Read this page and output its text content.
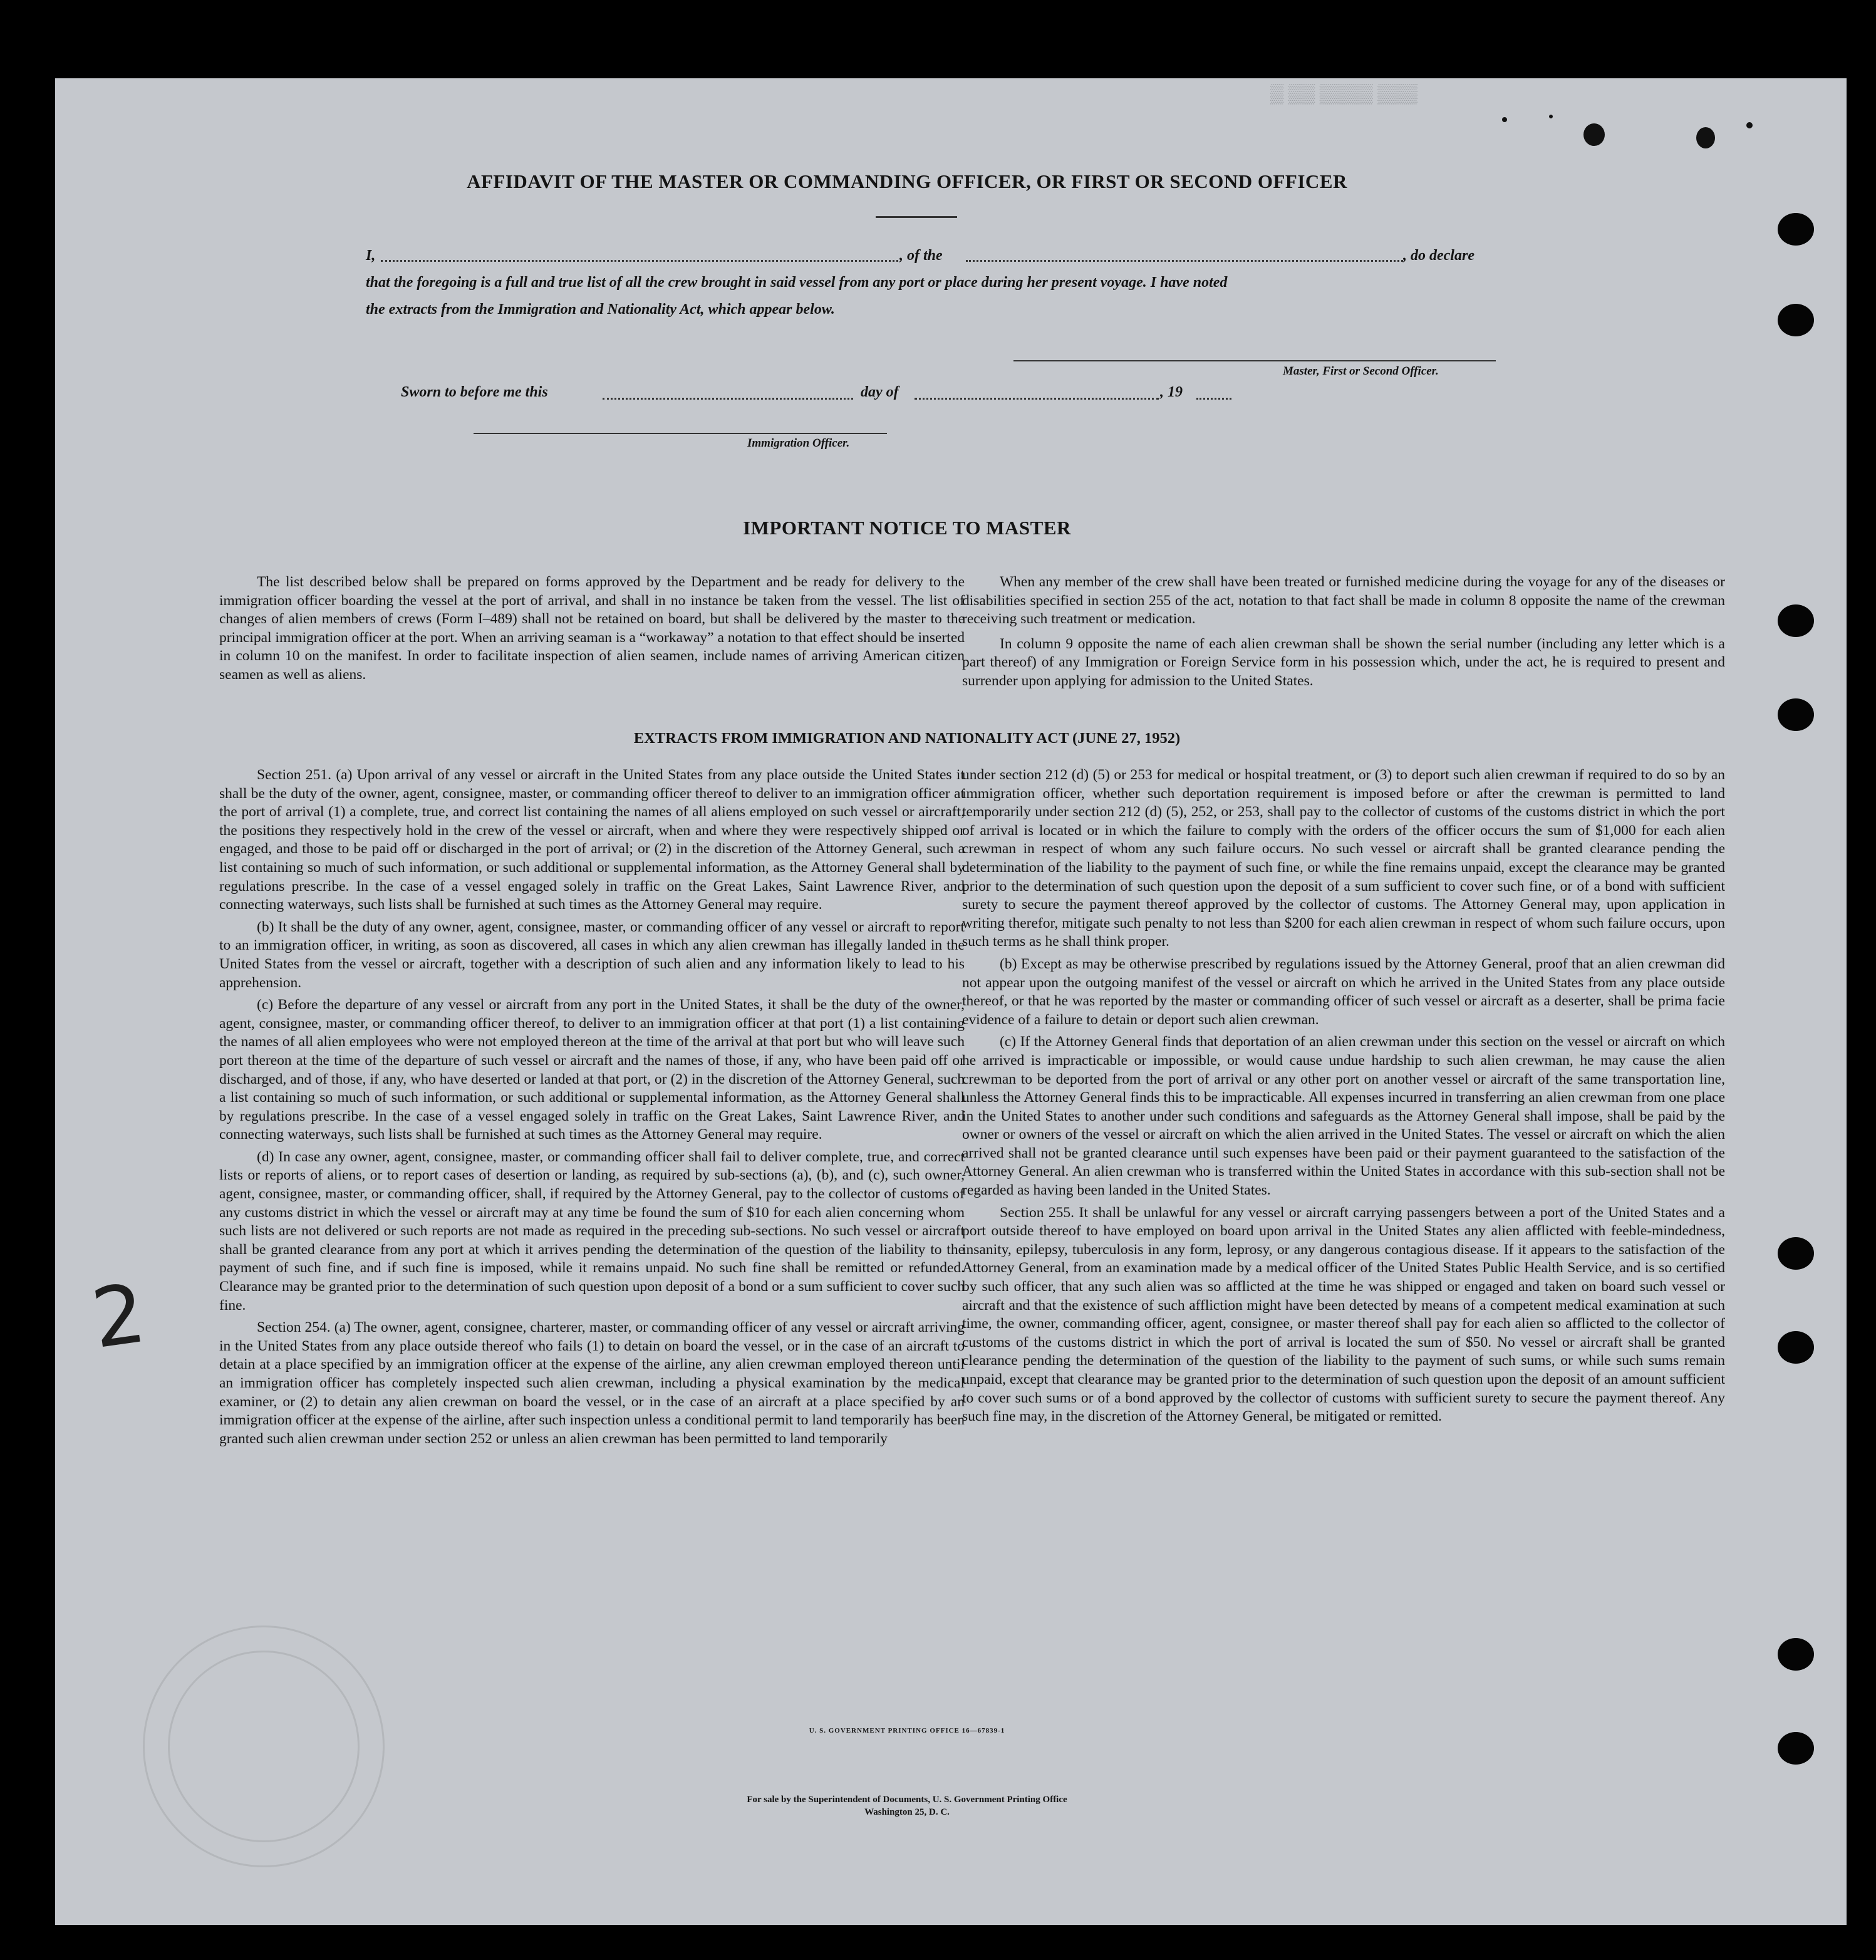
▒ ▒▒ ▒▒▒▒ ▒▒▒
AFFIDAVIT OF THE MASTER OR COMMANDING OFFICER, OR FIRST OR SECOND OFFICER
I,	, of the	, do declare
that the foregoing is a full and true list of all the crew brought in said vessel from any port or place during her present voyage. I have noted
the extracts from the Immigration and Nationality Act, which appear below.
Master, First or Second Officer.
Sworn to before me this	day of	, 19
Immigration Officer.
IMPORTANT NOTICE TO MASTER

The list described below shall be prepared on forms approved by the Department and be ready for delivery to the immigration officer boarding the vessel at the port of arrival, and shall in no instance be taken from the vessel. The list of changes of alien members of crews (Form I–489) shall not be retained on board, but shall be delivered by the master to the principal immigration officer at the port. When an arriving seaman is a “workaway” a notation to that effect should be inserted in column 10 on the manifest. In order to facilitate inspection of alien seamen, include names of arriving American citizen seamen as well as aliens.

When any member of the crew shall have been treated or furnished medicine during the voyage for any of the diseases or disabilities specified in section 255 of the act, notation to that fact shall be made in column 8 opposite the name of the crewman receiving such treatment or medication.

In column 9 opposite the name of each alien crewman shall be shown the serial number (including any letter which is a part thereof) of any Immigration or Foreign Service form in his possession which, under the act, he is required to present and surrender upon applying for admission to the United States.

EXTRACTS FROM IMMIGRATION AND NATIONALITY ACT (JUNE 27, 1952)

Section 251. (a) Upon arrival of any vessel or aircraft in the United States from any place outside the United States it shall be the duty of the owner, agent, consignee, master, or commanding officer thereof to deliver to an immigration officer at the port of arrival (1) a complete, true, and correct list containing the names of all aliens employed on such vessel or aircraft, the positions they respectively hold in the crew of the vessel or aircraft, when and where they were respectively shipped or engaged, and those to be paid off or discharged in the port of arrival; or (2) in the discretion of the Attorney General, such a list containing so much of such information, or such additional or supplemental information, as the Attorney General shall by regulations prescribe. In the case of a vessel engaged solely in traffic on the Great Lakes, Saint Lawrence River, and connecting waterways, such lists shall be furnished at such times as the Attorney General may require.

(b) It shall be the duty of any owner, agent, consignee, master, or commanding officer of any vessel or aircraft to report to an immigration officer, in writing, as soon as discovered, all cases in which any alien crewman has illegally landed in the United States from the vessel or aircraft, together with a description of such alien and any information likely to lead to his apprehension.

(c) Before the departure of any vessel or aircraft from any port in the United States, it shall be the duty of the owner, agent, consignee, master, or commanding officer thereof, to deliver to an immigration officer at that port (1) a list containing the names of all alien employees who were not employed thereon at the time of the arrival at that port but who will leave such port thereon at the time of the departure of such vessel or aircraft and the names of those, if any, who have been paid off or discharged, and of those, if any, who have deserted or landed at that port, or (2) in the discretion of the Attorney General, such a list containing so much of such information, or such additional or supplemental information, as the Attorney General shall by regulations prescribe. In the case of a vessel engaged solely in traffic on the Great Lakes, Saint Lawrence River, and connecting waterways, such lists shall be furnished at such times as the Attorney General may require.

(d) In case any owner, agent, consignee, master, or commanding officer shall fail to deliver complete, true, and correct lists or reports of aliens, or to report cases of desertion or landing, as required by sub-sections (a), (b), and (c), such owner, agent, consignee, master, or commanding officer, shall, if required by the Attorney General, pay to the collector of customs of any customs district in which the vessel or aircraft may at any time be found the sum of $10 for each alien concerning whom such lists are not delivered or such reports are not made as required in the preceding sub-sections. No such vessel or aircraft shall be granted clearance from any port at which it arrives pending the determination of the question of the liability to the payment of such fine, and if such fine is imposed, while it remains unpaid. No such fine shall be remitted or refunded. Clearance may be granted prior to the determination of such question upon deposit of a bond or a sum sufficient to cover such fine.

Section 254. (a) The owner, agent, consignee, charterer, master, or commanding officer of any vessel or aircraft arriving in the United States from any place outside thereof who fails (1) to detain on board the vessel, or in the case of an aircraft to detain at a place specified by an immigration officer at the expense of the airline, any alien crewman employed thereon until an immigration officer has completely inspected such alien crewman, including a physical examination by the medical examiner, or (2) to detain any alien crewman on board the vessel, or in the case of an aircraft at a place specified by an immigration officer at the expense of the airline, after such inspection unless a conditional permit to land temporarily has been granted such alien crewman under section 252 or unless an alien crewman has been permitted to land temporarily

under section 212 (d) (5) or 253 for medical or hospital treatment, or (3) to deport such alien crewman if required to do so by an immigration officer, whether such deportation requirement is imposed before or after the crewman is permitted to land temporarily under section 212 (d) (5), 252, or 253, shall pay to the collector of customs of the customs district in which the port of arrival is located or in which the failure to comply with the orders of the officer occurs the sum of $1,000 for each alien crewman in respect of whom any such failure occurs. No such vessel or aircraft shall be granted clearance pending the determination of the liability to the payment of such fine, or while the fine remains unpaid, except the clearance may be granted prior to the determination of such question upon the deposit of a sum sufficient to cover such fine, or of a bond with sufficient surety to secure the payment thereof approved by the collector of customs. The Attorney General may, upon application in writing therefor, mitigate such penalty to not less than $200 for each alien crewman in respect of whom such failure occurs, upon such terms as he shall think proper.

(b) Except as may be otherwise prescribed by regulations issued by the Attorney General, proof that an alien crewman did not appear upon the outgoing manifest of the vessel or aircraft on which he arrived in the United States from any place outside thereof, or that he was reported by the master or commanding officer of such vessel or aircraft as a deserter, shall be prima facie evidence of a failure to detain or deport such alien crewman.

(c) If the Attorney General finds that deportation of an alien crewman under this section on the vessel or aircraft on which he arrived is impracticable or impossible, or would cause undue hardship to such alien crewman, he may cause the alien crewman to be deported from the port of arrival or any other port on another vessel or aircraft of the same transportation line, unless the Attorney General finds this to be impracticable. All expenses incurred in transferring an alien crewman from one place in the United States to another under such conditions and safeguards as the Attorney General shall impose, shall be paid by the owner or owners of the vessel or aircraft on which the alien arrived in the United States. The vessel or aircraft on which the alien arrived shall not be granted clearance until such expenses have been paid or their payment guaranteed to the satisfaction of the Attorney General. An alien crewman who is transferred within the United States in accordance with this sub-section shall not be regarded as having been landed in the United States.

Section 255. It shall be unlawful for any vessel or aircraft carrying passengers between a port of the United States and a port outside thereof to have employed on board upon arrival in the United States any alien afflicted with feeble-mindedness, insanity, epilepsy, tuberculosis in any form, leprosy, or any dangerous contagious disease. If it appears to the satisfaction of the Attorney General, from an examination made by a medical officer of the United States Public Health Service, and is so certified by such officer, that any such alien was so afflicted at the time he was shipped or engaged and taken on board such vessel or aircraft and that the existence of such affliction might have been detected by means of a competent medical examination at such time, the owner, commanding officer, agent, consignee, or master thereof shall pay for each alien so afflicted to the collector of customs of the customs district in which the port of arrival is located the sum of $50. No vessel or aircraft shall be granted clearance pending the determination of the question of the liability to the payment of such sums, or while such sums remain unpaid, except that clearance may be granted prior to the determination of such question upon the deposit of an amount sufficient to cover such sums or of a bond approved by the collector of customs with sufficient surety to secure the payment thereof. Any such fine may, in the discretion of the Attorney General, be mitigated or remitted.

U. S. GOVERNMENT PRINTING OFFICE 16—67839-1
For sale by the Superintendent of Documents, U. S. Government Printing Office
Washington 25, D. C.
2
